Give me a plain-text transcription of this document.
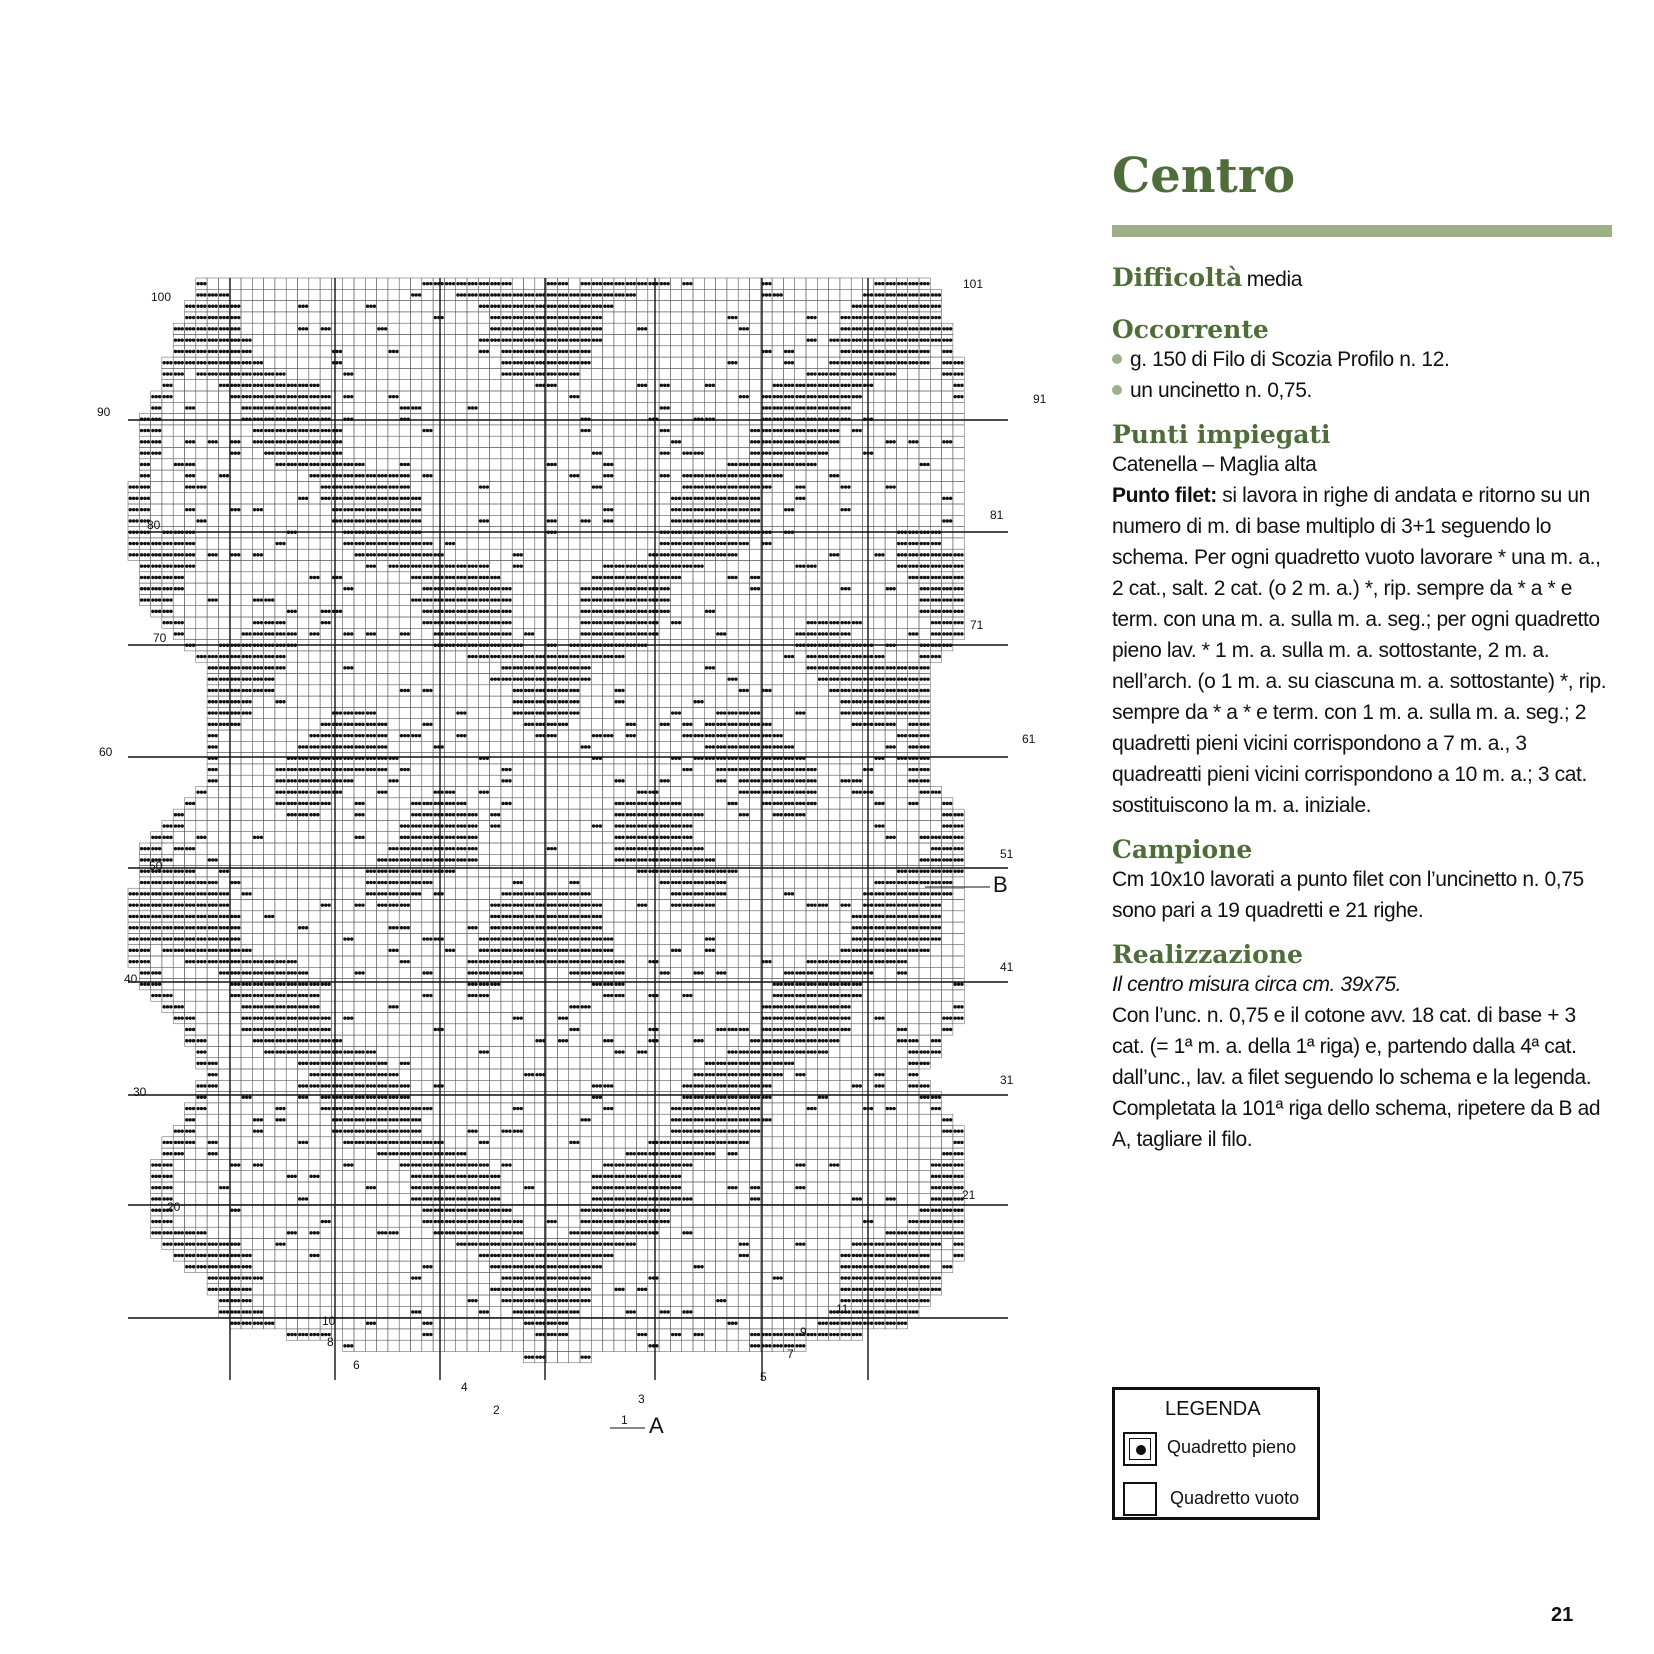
100
90
80
70
60
50
40
30
20
10
8
6
4
2
101
91
81
71
61
51
41
31
21
11
9
7
5
3
1
B
A
Centro
Difficoltà media
Occorrente
g. 150 di Filo di Scozia Profilo n. 12.
un uncinetto n. 0,75.
Punti impiegati
Catenella – Maglia alta
Punto filet: si lavora in righe di andata e ritorno su un numero di m. di base multiplo di 3+1 seguendo lo schema. Per ogni quadretto vuoto lavorare * una m. a., 2 cat., salt. 2 cat. (o 2 m. a.) *, rip. sempre da * a * e term. con una m. a. sulla m. a. seg.; per ogni quadretto pieno lav. * 1 m. a. sulla m. a. sottostante, 2 m. a. nell’arch. (o 1 m. a. su ciascuna m. a. sottostante) *, rip. sempre da * a * e term. con 1 m. a. sulla m. a. seg.; 2 quadretti pieni vicini corrispondono a 7 m. a., 3 quadreatti pieni vicini corrispondono a 10 m. a.; 3 cat. sostituiscono la m. a. iniziale.
Campione
Cm 10x10 lavorati a punto filet con l’uncinetto n. 0,75 sono pari a 19 quadretti e 21 righe.
Realizzazione
Il centro misura circa cm. 39x75.
Con l’unc. n. 0,75 e il cotone avv. 18 cat. di base + 3 cat. (= 1ª m. a. della 1ª riga) e, partendo dalla 4ª cat. dall’unc., lav. a filet seguendo lo schema e la legenda. Completata la 101ª riga dello schema, ripetere da B ad A, tagliare il filo.
LEGENDA
Quadretto pieno
Quadretto vuoto
21
